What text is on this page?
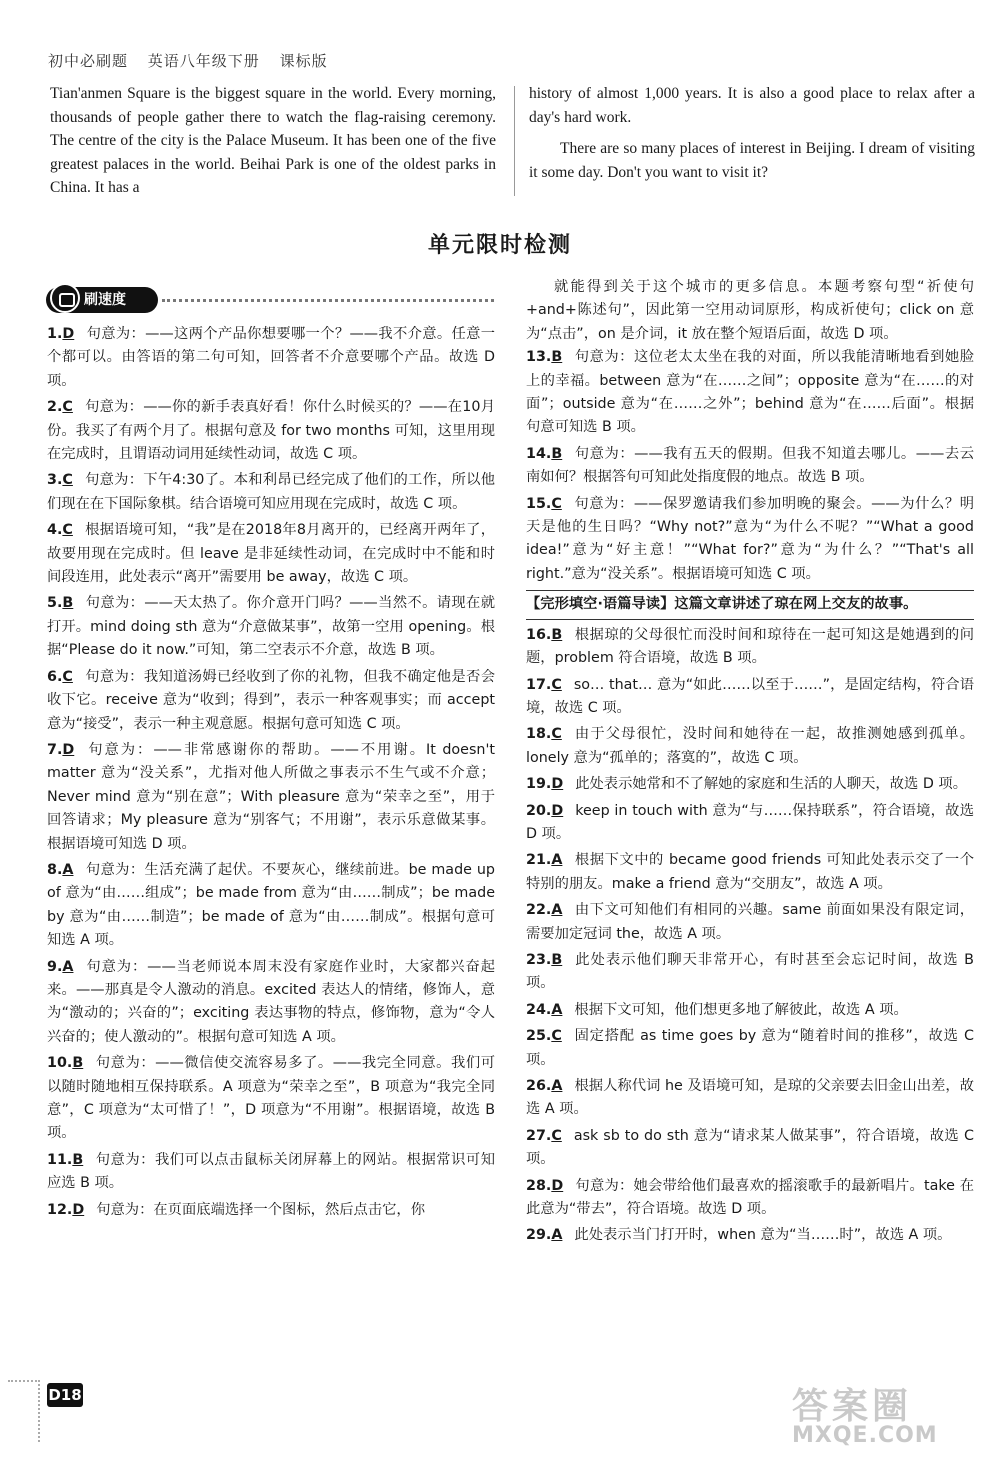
初中必刷题 英语八年级下册 课标版

Tian'anmen Square is the biggest square in the world. Every morning, thousands of people gather there to watch the flag-raising ceremony. The centre of the city is the Palace Museum. It has been one of the five greatest palaces in the world. Beihai Park is one of the oldest parks in China. It has a

history of almost 1,000 years. It is also a good place to relax after a day's hard work.

There are so many places of interest in Beijing. I dream of visiting it some day. Don't you want to visit it?

单元限时检测
刷速度
1.D 句意为：——这两个产品你想要哪一个？——我不介意。任意一个都可以。由答语的第二句可知，回答者不介意要哪个产品。故选 D 项。
2.C 句意为：——你的新手表真好看！你什么时候买的？——在10月份。我买了有两个月了。根据句意及 for two months 可知，这里用现在完成时，且谓语动词用延续性动词，故选 C 项。
3.C 句意为：下午4:30了。本和利昂已经完成了他们的工作，所以他们现在在下国际象棋。结合语境可知应用现在完成时，故选 C 项。
4.C 根据语境可知，“我”是在2018年8月离开的，已经离开两年了，故要用现在完成时。但 leave 是非延续性动词，在完成时中不能和时间段连用，此处表示“离开”需要用 be away，故选 C 项。
5.B 句意为：——天太热了。你介意开门吗？——当然不。请现在就打开。mind doing sth 意为“介意做某事”，故第一空用 opening。根据“Please do it now.”可知，第二空表示不介意，故选 B 项。
6.C 句意为：我知道汤姆已经收到了你的礼物，但我不确定他是否会收下它。receive 意为“收到；得到”，表示一种客观事实；而 accept 意为“接受”，表示一种主观意愿。根据句意可知选 C 项。
7.D 句意为：——非常感谢你的帮助。——不用谢。It doesn't matter 意为“没关系”，尤指对他人所做之事表示不生气或不介意；Never mind 意为“别在意”；With pleasure 意为“荣幸之至”，用于回答请求；My pleasure 意为“别客气；不用谢”，表示乐意做某事。根据语境可知选 D 项。
8.A 句意为：生活充满了起伏。不要灰心，继续前进。be made up of 意为“由……组成”；be made from 意为“由……制成”；be made by 意为“由……制造”；be made of 意为“由……制成”。根据句意可知选 A 项。
9.A 句意为：——当老师说本周末没有家庭作业时，大家都兴奋起来。——那真是令人激动的消息。excited 表达人的情绪，修饰人，意为“激动的；兴奋的”；exciting 表达事物的特点，修饰物，意为“令人兴奋的；使人激动的”。根据句意可知选 A 项。
10.B 句意为：——微信使交流容易多了。——我完全同意。我们可以随时随地相互保持联系。A 项意为“荣幸之至”，B 项意为“我完全同意”，C 项意为“太可惜了！”，D 项意为“不用谢”。根据语境，故选 B 项。
11.B 句意为：我们可以点击鼠标关闭屏幕上的网站。根据常识可知应选 B 项。
12.D 句意为：在页面底端选择一个图标，然后点击它，你
就能得到关于这个城市的更多信息。本题考察句型“祈使句+and+陈述句”，因此第一空用动词原形，构成祈使句；click on 意为“点击”，on 是介词，it 放在整个短语后面，故选 D 项。
13.B 句意为：这位老太太坐在我的对面，所以我能清晰地看到她脸上的幸福。between 意为“在……之间”；opposite 意为“在……的对面”；outside 意为“在……之外”；behind 意为“在……后面”。根据句意可知选 B 项。
14.B 句意为：——我有五天的假期。但我不知道去哪儿。——去云南如何？根据答句可知此处指度假的地点。故选 B 项。
15.C 句意为：——保罗邀请我们参加明晚的聚会。——为什么？明天是他的生日吗？“Why not?”意为“为什么不呢？”“What a good idea!”意为“好主意！”“What for?”意为“为什么？”“That's all right.”意为“没关系”。根据语境可知选 C 项。
【完形填空·语篇导读】这篇文章讲述了琼在网上交友的故事。
16.B 根据琼的父母很忙而没时间和琼待在一起可知这是她遇到的问题，problem 符合语境，故选 B 项。
17.C so… that… 意为“如此……以至于……”，是固定结构，符合语境，故选 C 项。
18.C 由于父母很忙，没时间和她待在一起，故推测她感到孤单。lonely 意为“孤单的；落寞的”，故选 C 项。
19.D 此处表示她常和不了解她的家庭和生活的人聊天，故选 D 项。
20.D keep in touch with 意为“与……保持联系”，符合语境，故选 D 项。
21.A 根据下文中的 became good friends 可知此处表示交了一个特别的朋友。make a friend 意为“交朋友”，故选 A 项。
22.A 由下文可知他们有相同的兴趣。same 前面如果没有限定词，需要加定冠词 the，故选 A 项。
23.B 此处表示他们聊天非常开心，有时甚至会忘记时间，故选 B 项。
24.A 根据下文可知，他们想更多地了解彼此，故选 A 项。
25.C 固定搭配 as time goes by 意为“随着时间的推移”，故选 C 项。
26.A 根据人称代词 he 及语境可知，是琼的父亲要去旧金山出差，故选 A 项。
27.C ask sb to do sth 意为“请求某人做某事”，符合语境，故选 C 项。
28.D 句意为：她会带给他们最喜欢的摇滚歌手的最新唱片。take 在此意为“带去”，符合语境。故选 D 项。
29.A 此处表示当门打开时，when 意为“当……时”，故选 A 项。
D18	答案圈
MXQE.COM
